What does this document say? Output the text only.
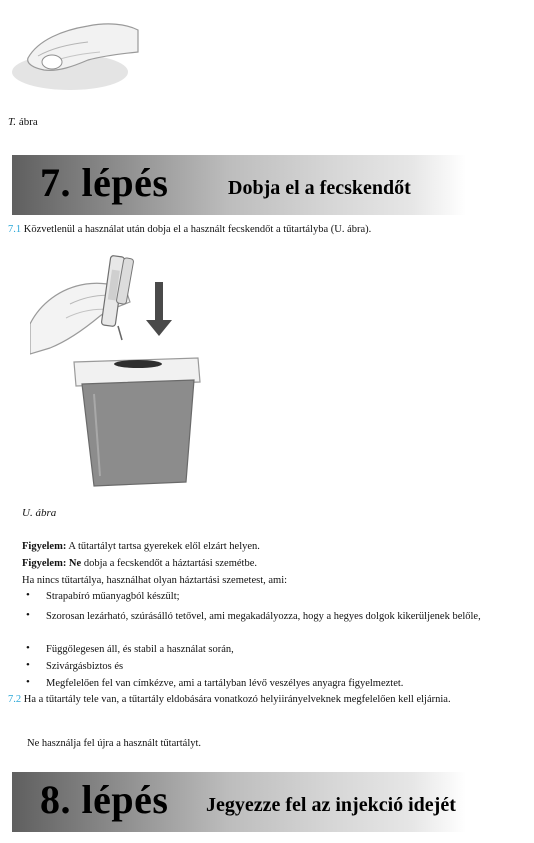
T. ábra
7. lépés	Dobja el a fecskendőt
7.1 Közvetlenül a használat után dobja el a használt fecskendőt a tűtartályba (U. ábra).
U. ábra
Figyelem: A tűtartályt tartsa gyerekek elől elzárt helyen.
Figyelem: Ne dobja a fecskendőt a háztartási szemétbe.
Ha nincs tűtartálya, használhat olyan háztartási szemetest, ami:
• Strapabíró műanyagból készült;
• Szorosan lezárható, szúrásálló tetővel, ami megakadályozza, hogy a hegyes dolgok kikerüljenek belőle,
• Függőlegesen áll, és stabil a használat során,
• Szivárgásbiztos és
• Megfelelően fel van címkézve, ami a tartályban lévő veszélyes anyagra figyelmeztet.
7.2 Ha a tűtartály tele van, a tűtartály eldobására vonatkozó helyiirányelveknek megfelelően kell eljárnia.
Ne használja fel újra a használt tűtartályt.
8. lépés Jegyezze fel az injekció idejét
